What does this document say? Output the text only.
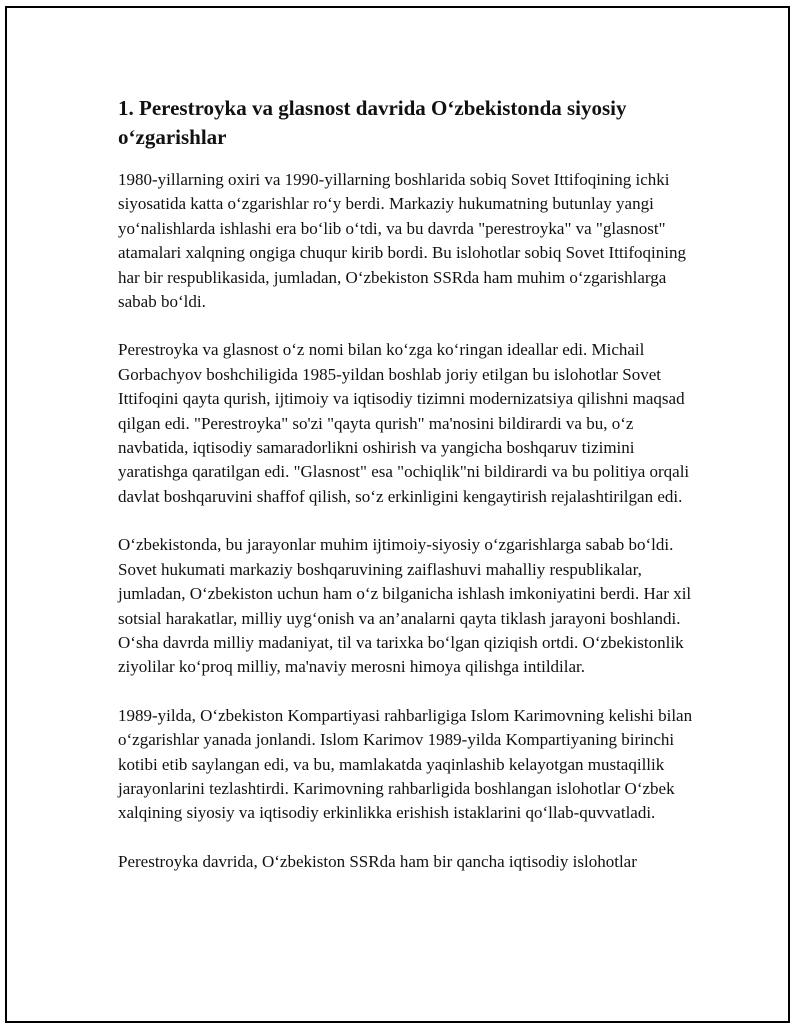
1. Perestroyka va glasnost davrida O‘zbekistonda siyosiy o‘zgarishlar

1980-yillarning oxiri va 1990-yillarning boshlarida sobiq Sovet Ittifoqining ichki siyosatida katta o‘zgarishlar ro‘y berdi. Markaziy hukumatning butunlay yangi yo‘nalishlarda ishlashi era bo‘lib o‘tdi, va bu davrda "perestroyka" va "glasnost" atamalari xalqning ongiga chuqur kirib bordi. Bu islohotlar sobiq Sovet Ittifoqining har bir respublikasida, jumladan, O‘zbekiston SSRda ham muhim o‘zgarishlarga sabab bo‘ldi.

Perestroyka va glasnost o‘z nomi bilan ko‘zga ko‘ringan ideallar edi. Michail Gorbachyov boshchiligida 1985-yildan boshlab joriy etilgan bu islohotlar Sovet Ittifoqini qayta qurish, ijtimoiy va iqtisodiy tizimni modernizatsiya qilishni maqsad qilgan edi. "Perestroyka" so'zi "qayta qurish" ma'nosini bildirardi va bu, o‘z navbatida, iqtisodiy samaradorlikni oshirish va yangicha boshqaruv tizimini yaratishga qaratilgan edi. "Glasnost" esa "ochiqlik"ni bildirardi va bu politiya orqali davlat boshqaruvini shaffof qilish, so‘z erkinligini kengaytirish rejalashtirilgan edi.

O‘zbekistonda, bu jarayonlar muhim ijtimoiy-siyosiy o‘zgarishlarga sabab bo‘ldi. Sovet hukumati markaziy boshqaruvining zaiflashuvi mahalliy respublikalar, jumladan, O‘zbekiston uchun ham o‘z bilganicha ishlash imkoniyatini berdi. Har xil sotsial harakatlar, milliy uyg‘onish va an’analarni qayta tiklash jarayoni boshlandi. O‘sha davrda milliy madaniyat, til va tarixka bo‘lgan qiziqish ortdi. O‘zbekistonlik ziyolilar ko‘proq milliy, ma'naviy merosni himoya qilishga intildilar.

1989-yilda, O‘zbekiston Kompartiyasi rahbarligiga Islom Karimovning kelishi bilan o‘zgarishlar yanada jonlandi. Islom Karimov 1989-yilda Kompartiyaning birinchi kotibi etib saylangan edi, va bu, mamlakatda yaqinlashib kelayotgan mustaqillik jarayonlarini tezlashtirdi. Karimovning rahbarligida boshlangan islohotlar O‘zbek xalqining siyosiy va iqtisodiy erkinlikka erishish istaklarini qo‘llab-quvvatladi.

Perestroyka davrida, O‘zbekiston SSRda ham bir qancha iqtisodiy islohotlar
